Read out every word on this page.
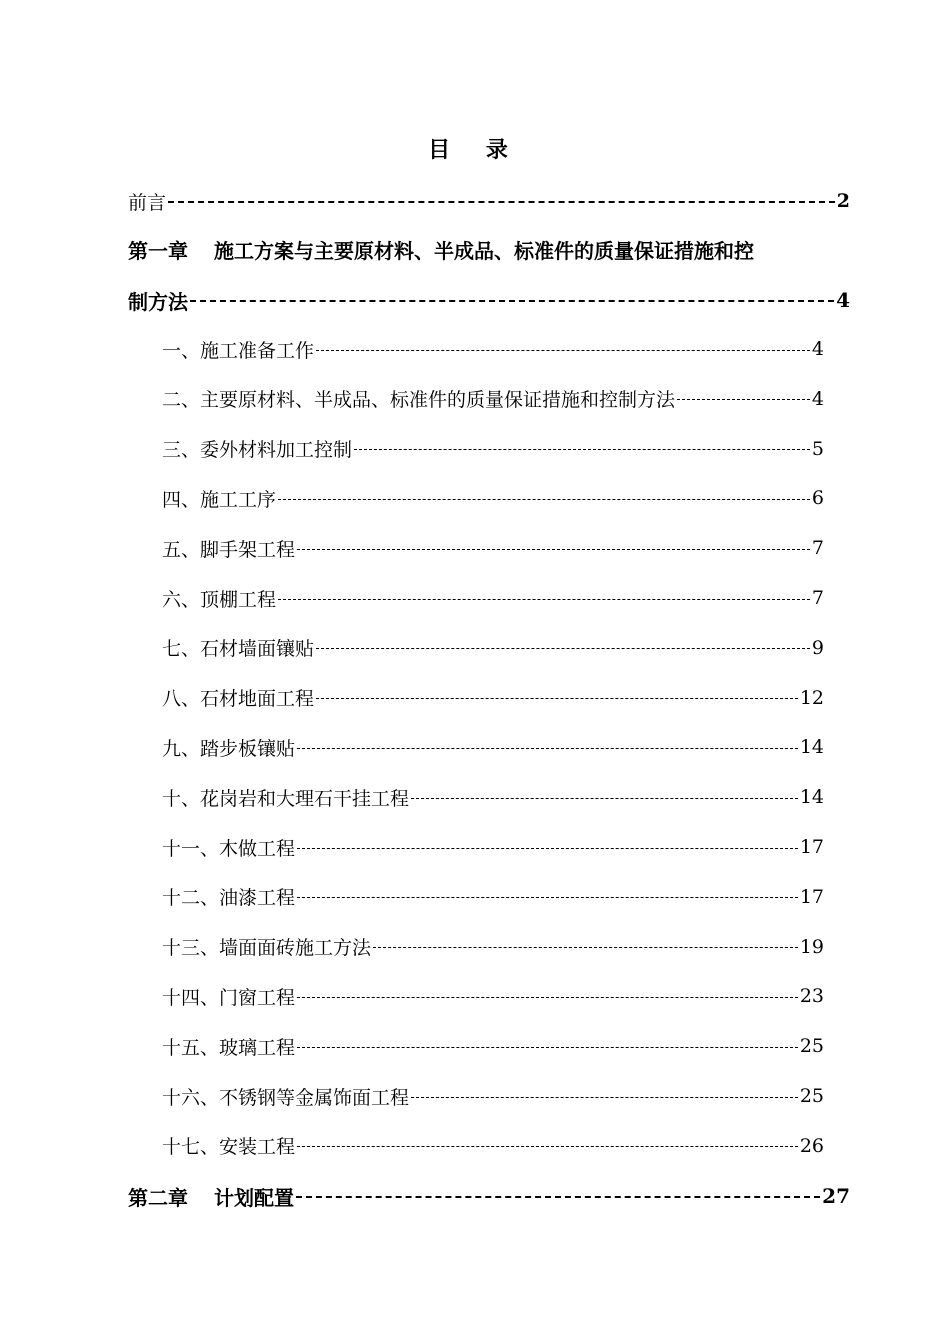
目 录
前言	2
第一章 施工方案与主要原材料、半成品、标准件的质量保证措施和控
制方法	4
一、施工准备工作	4
二、主要原材料、半成品、标准件的质量保证措施和控制方法	4
三、委外材料加工控制	5
四、施工工序	6
五、脚手架工程	7
六、顶棚工程	7
七、石材墙面镶贴	9
八、石材地面工程	12
九、踏步板镶贴	14
十、花岗岩和大理石干挂工程	14
十一、木做工程	17
十二、油漆工程	17
十三、墙面面砖施工方法	19
十四、门窗工程	23
十五、玻璃工程	25
十六、不锈钢等金属饰面工程	25
十七、安装工程	26
第二章 计划配置	27
